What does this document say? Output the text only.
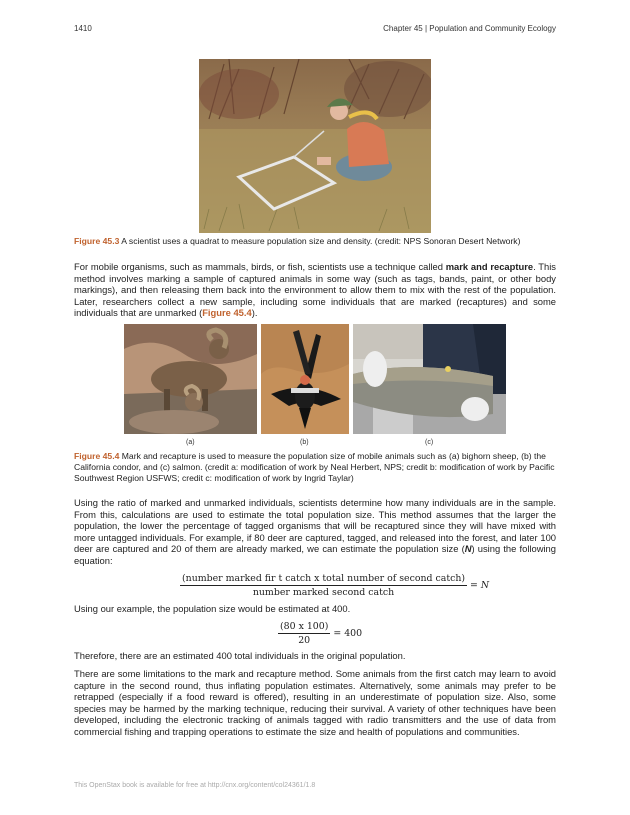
1410	Chapter 45 | Population and Community Ecology
Figure 45.3 A scientist uses a quadrat to measure population size and density. (credit: NPS Sonoran Desert Network)
For mobile organisms, such as mammals, birds, or fish, scientists use a technique called mark and recapture. This method involves marking a sample of captured animals in some way (such as tags, bands, paint, or other body markings), and then releasing them back into the environment to allow them to mix with the rest of the population. Later, researchers collect a new sample, including some individuals that are marked (recaptures) and some individuals that are unmarked (Figure 45.4).
(a)	(b)	(c)
Figure 45.4 Mark and recapture is used to measure the population size of mobile animals such as (a) bighorn sheep, (b) the California condor, and (c) salmon. (credit a: modification of work by Neal Herbert, NPS; credit b: modification of work by Pacific Southwest Region USFWS; credit c: modification of work by Ingrid Taylar)
Using the ratio of marked and unmarked individuals, scientists determine how many individuals are in the sample. From this, calculations are used to estimate the total population size. This method assumes that the larger the population, the lower the percentage of tagged organisms that will be recaptured since they will have mixed with more untagged individuals. For example, if 80 deer are captured, tagged, and released into the forest, and later 100 deer are captured and 20 of them are already marked, we can estimate the population size (N) using the following equation:
$\frac{\text{(number marked fir t catch x total number of second catch)}}{\text{number marked second catch}} = N$
Using our example, the population size would be estimated at 400.
$\frac{(80 x 100)}{20} = 400$
Therefore, there are an estimated 400 total individuals in the original population.
There are some limitations to the mark and recapture method. Some animals from the first catch may learn to avoid capture in the second round, thus inflating population estimates. Alternatively, some animals may prefer to be retrapped (especially if a food reward is offered), resulting in an underestimate of population size. Also, some species may be harmed by the marking technique, reducing their survival. A variety of other techniques have been developed, including the electronic tracking of animals tagged with radio transmitters and the use of data from commercial fishing and trapping operations to estimate the size and health of populations and communities.
This OpenStax book is available for free at http://cnx.org/content/col24361/1.8
